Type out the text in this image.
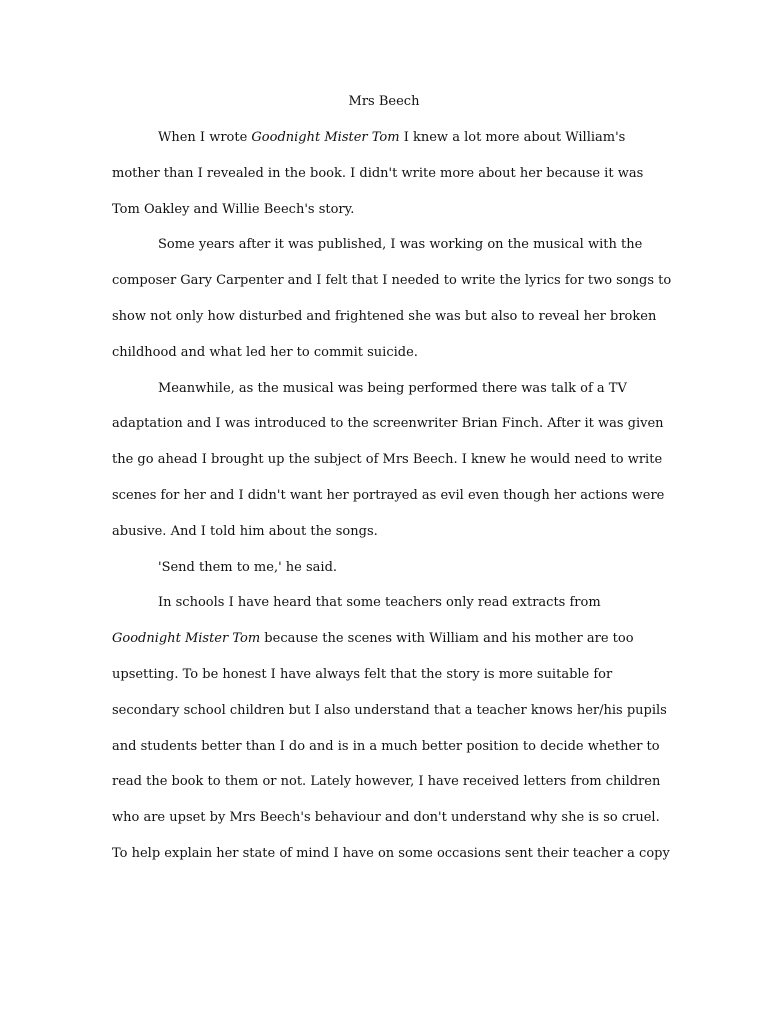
Mrs Beech
When I wrote Goodnight Mister Tom I knew a lot more about William's
mother than I revealed in the book. I didn't write more about her because it was
Tom Oakley and Willie Beech's story.
Some years after it was published, I was working on the musical with the
composer Gary Carpenter and I felt that I needed to write the lyrics for two songs to
show not only how disturbed and frightened she was but also to reveal her broken
childhood and what led her to commit suicide.
Meanwhile, as the musical was being performed there was talk of a TV
adaptation and I was introduced to the screenwriter Brian Finch. After it was given
the go ahead I brought up the subject of Mrs Beech. I knew he would need to write
scenes for her and I didn't want her portrayed as evil even though her actions were
abusive. And I told him about the songs.
'Send them to me,' he said.
In schools I have heard that some teachers only read extracts from
Goodnight Mister Tom because the scenes with William and his mother are too
upsetting. To be honest I have always felt that the story is more suitable for
secondary school children but I also understand that a teacher knows her/his pupils
and students better than I do and is in a much better position to decide whether to
read the book to them or not. Lately however, I have received letters from children
who are upset by Mrs Beech's behaviour and don't understand why she is so cruel.
To help explain her state of mind I have on some occasions sent their teacher a copy
